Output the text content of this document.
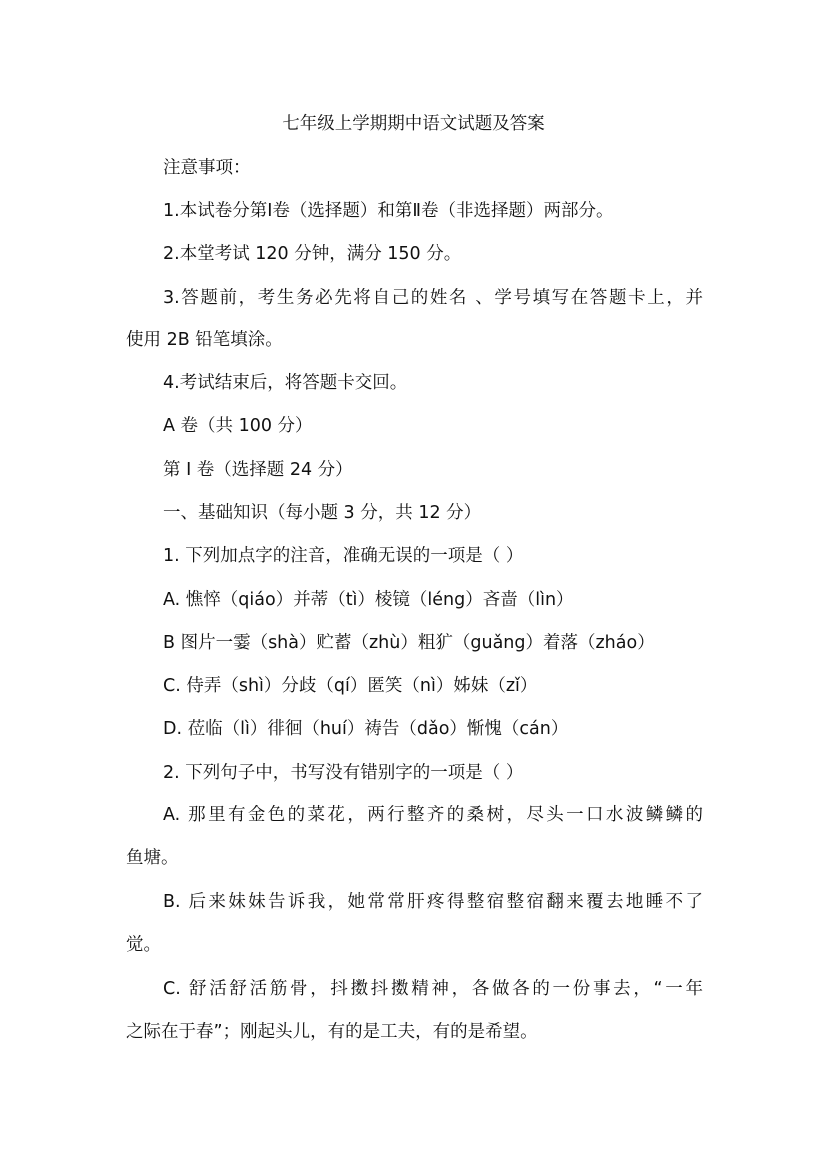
七年级上学期期中语文试题及答案
注意事项：
1.本试卷分第Ⅰ卷（选择题）和第Ⅱ卷（非选择题）两部分。
2.本堂考试 120 分钟，满分 150 分。
3.答题前，考生务必先将自己的姓名 、学号填写在答题卡上，并
使用 2B 铅笔填涂。
4.考试结束后，将答题卡交回。
A 卷（共 100 分）
第 I 卷（选择题 24 分）
一、基础知识（每小题 3 分，共 12 分）
1. 下列加点字的注音，准确无误的一项是（ ）
A. 憔悴（qiáo）并蒂（tì）棱镜（léng）吝啬（lìn）
B 图片一霎（shà）贮蓄（zhù）粗犷（guǎng）着落（zháo）
C. 侍弄（shì）分歧（qí）匿笑（nì）姊妹（zǐ）
D. 莅临（lì）徘徊（huí）祷告（dǎo）惭愧（cán）
2. 下列句子中，书写没有错别字的一项是（ ）
A. 那里有金色的菜花，两行整齐的桑树，尽头一口水波鳞鳞的
鱼塘。
B. 后来妹妹告诉我，她常常肝疼得整宿整宿翻来覆去地睡不了
觉。
C. 舒活舒活筋骨，抖擞抖擞精神，各做各的一份事去，“一年
之际在于春”；刚起头儿，有的是工夫，有的是希望。
